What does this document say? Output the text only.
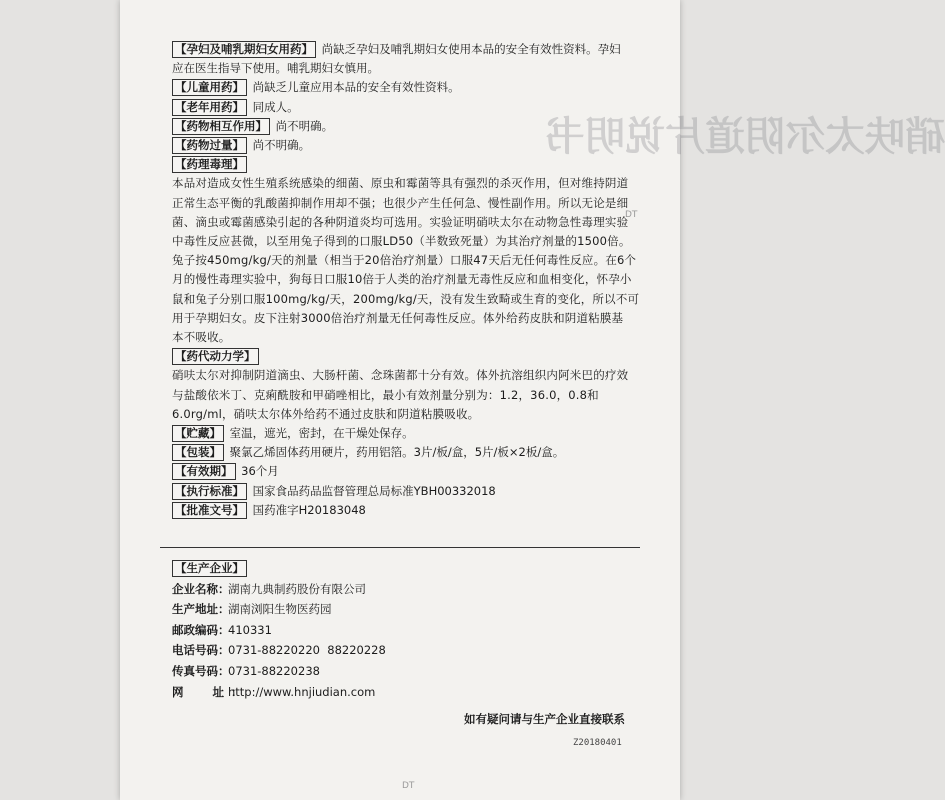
硝呋太尔阴道片说明书
【孕妇及哺乳期妇女用药】 尚缺乏孕妇及哺乳期妇女使用本品的安全有效性资料。孕妇
应在医生指导下使用。哺乳期妇女慎用。
【儿童用药】 尚缺乏儿童应用本品的安全有效性资料。
【老年用药】 同成人。
【药物相互作用】 尚不明确。
【药物过量】 尚不明确。
【药理毒理】
本品对造成女性生殖系统感染的细菌、原虫和霉菌等具有强烈的杀灭作用，但对维持阴道
正常生态平衡的乳酸菌抑制作用却不强；也很少产生任何急、慢性副作用。所以无论是细
菌、滴虫或霉菌感染引起的各种阴道炎均可选用。实验证明硝呋太尔在动物急性毒理实验
中毒性反应甚微，以至用兔子得到的口服LD50（半数致死量）为其治疗剂量的1500倍。
兔子按450mg/kg/天的剂量（相当于20倍治疗剂量）口服47天后无任何毒性反应。在6个
月的慢性毒理实验中，狗每日口服10倍于人类的治疗剂量无毒性反应和血相变化，怀孕小
鼠和兔子分别口服100mg/kg/天，200mg/kg/天，没有发生致畸或生育的变化，所以不可
用于孕期妇女。皮下注射3000倍治疗剂量无任何毒性反应。体外给药皮肤和阴道粘膜基
本不吸收。
【药代动力学】
硝呋太尔对抑制阴道滴虫、大肠杆菌、念珠菌都十分有效。体外抗溶组织内阿米巴的疗效
与盐酸依米丁、克痢酰胺和甲硝唑相比，最小有效剂量分别为：1.2，36.0，0.8和
6.0rg/ml，硝呋太尔体外给药不通过皮肤和阴道粘膜吸收。
【贮藏】 室温，遮光，密封，在干燥处保存。
【包装】 聚氯乙烯固体药用硬片，药用铝箔。3片/板/盒，5片/板×2板/盒。
【有效期】 36个月
【执行标准】 国家食品药品监督管理总局标准YBH00332018
【批准文号】 国药准字H20183048
【生产企业】
企业名称：湖南九典制药股份有限公司
生产地址：湖南浏阳生物医药园
邮政编码：410331
电话号码：0731-88220220  88220228
传真号码：0731-88220238
网  址：http://www.hnjiudian.com
如有疑问请与生产企业直接联系
Z20180401
DT
DT
